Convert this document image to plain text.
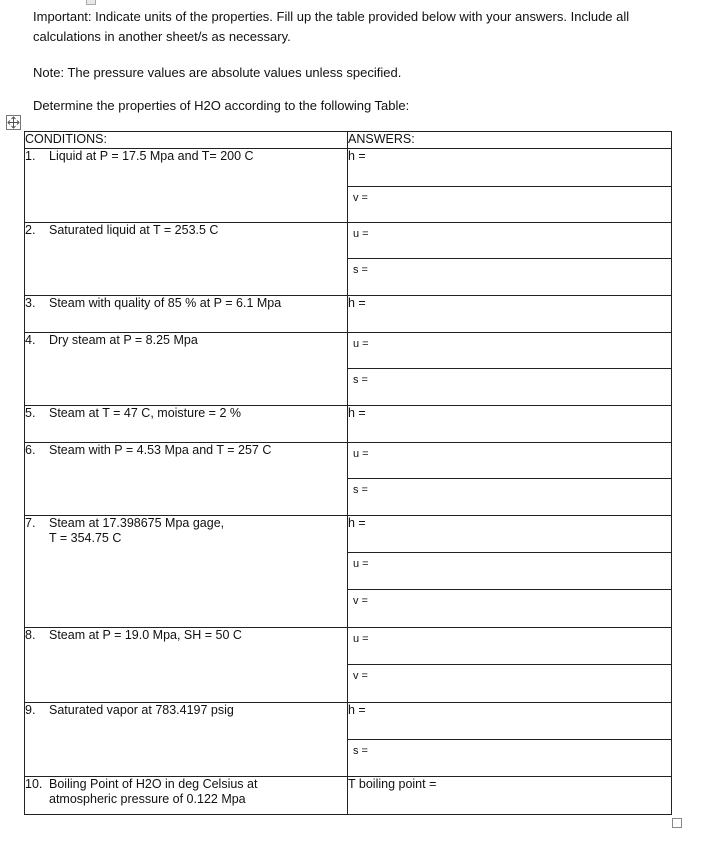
Important: Indicate units of the properties. Fill up the table provided below with your answers. Include all calculations in another sheet/s as necessary.
Note: The pressure values are absolute values unless specified.
Determine the properties of H2O according to the following Table:
CONDITIONS:	ANSWERS:

1. Liquid at P = 17.5 Mpa and T= 200 C	h =
	v =

2. Saturated liquid at T = 253.5 C	u =
	s =

3. Steam with quality of 85 % at P = 6.1 Mpa	h =

4. Dry steam at P = 8.25 Mpa	u =
	s =

5. Steam at T = 47 C, moisture = 2 %	h =

6. Steam with P = 4.53 Mpa and T = 257 C	u =
	s =

7. Steam at 17.398675 Mpa gage,
T = 354.75 C	h =
	u =
	v =

8. Steam at P = 19.0 Mpa, SH = 50 C	u =
	v =

9. Saturated vapor at 783.4197 psig	h =
	s =

10. Boiling Point of H2O in deg Celsius at
atmospheric pressure of 0.122 Mpa	T boiling point =
